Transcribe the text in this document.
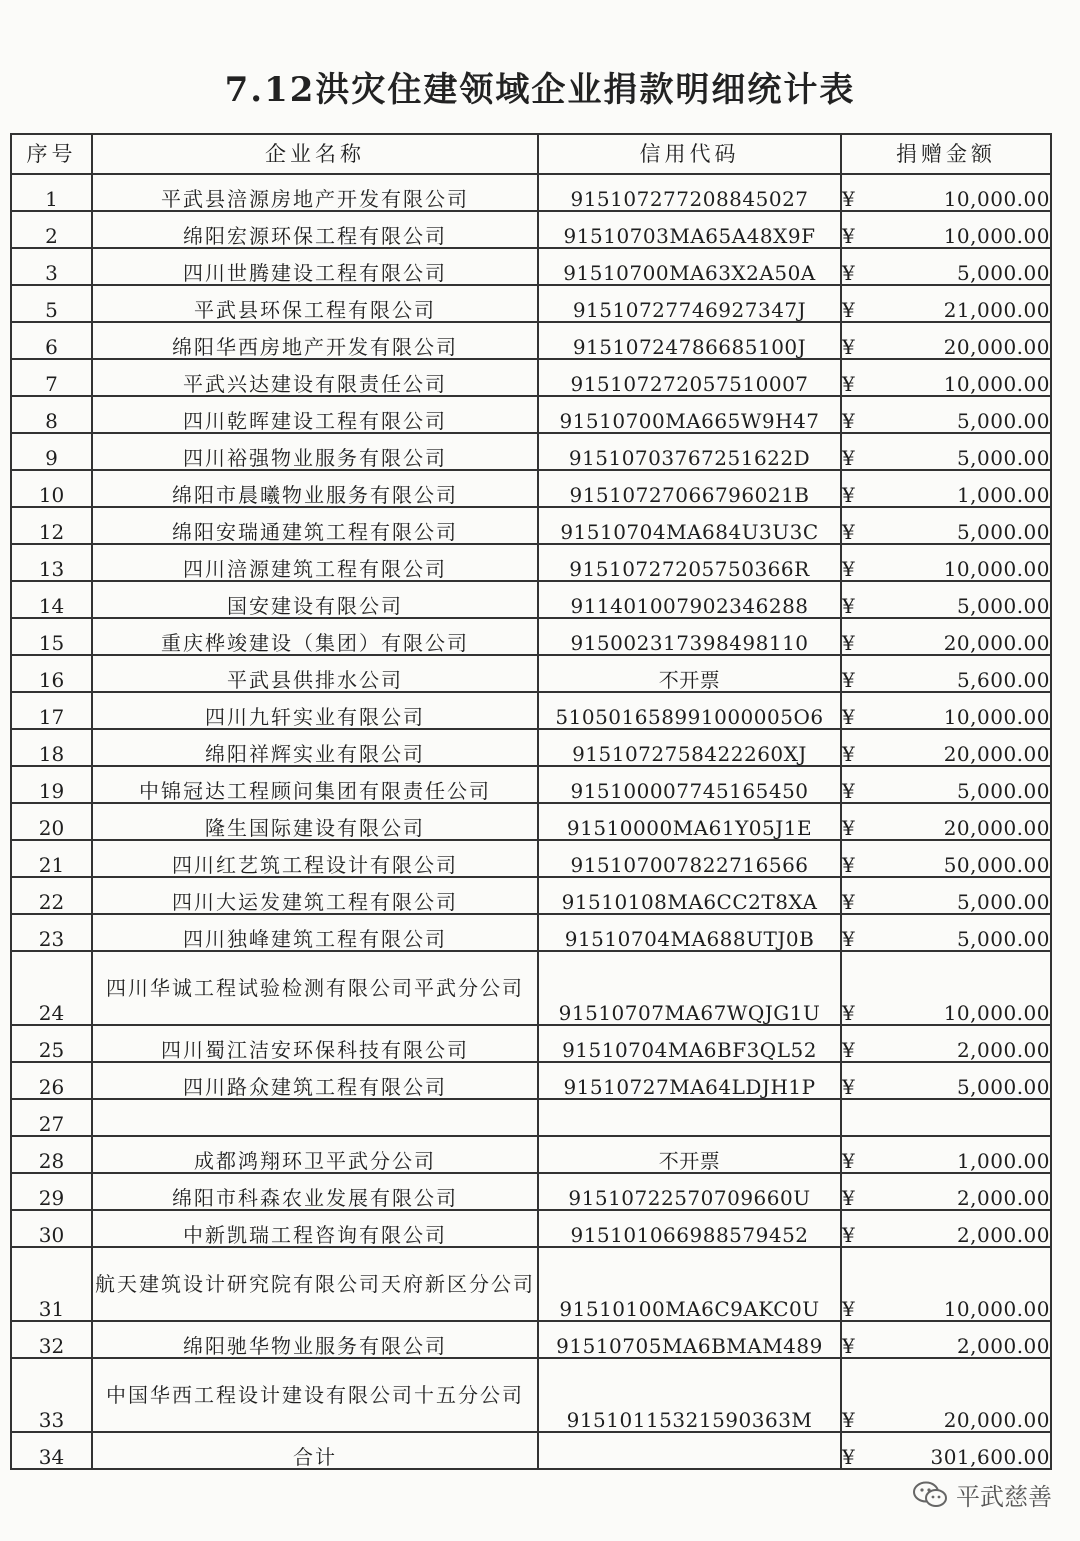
7.12洪灾住建领域企业捐款明细统计表
序号	企业名称	信用代码	捐赠金额
1	平武县涪源房地产开发有限公司	915107277208845027	¥ 10,000.00

2	绵阳宏源环保工程有限公司	91510703MA65A48X9F	¥ 10,000.00

3	四川世腾建设工程有限公司	91510700MA63X2A50A	¥ 5,000.00

5	平武县环保工程有限公司	91510727746927347J	¥ 21,000.00

6	绵阳华西房地产开发有限公司	91510724786685100J	¥ 20,000.00

7	平武兴达建设有限责任公司	915107272057510007	¥ 10,000.00

8	四川乾晖建设工程有限公司	91510700MA665W9H47	¥ 5,000.00

9	四川裕强物业服务有限公司	91510703767251622D	¥ 5,000.00

10	绵阳市晨曦物业服务有限公司	91510727066796021B	¥ 1,000.00

12	绵阳安瑞通建筑工程有限公司	91510704MA684U3U3C	¥ 5,000.00

13	四川涪源建筑工程有限公司	91510727205750366R	¥ 10,000.00

14	国安建设有限公司	911401007902346288	¥ 5,000.00

15	重庆桦竣建设（集团）有限公司	915002317398498110	¥ 20,000.00

16	平武县供排水公司	不开票	¥ 5,600.00

17	四川九轩实业有限公司	510501658991000005O6	¥ 10,000.00

18	绵阳祥辉实业有限公司	9151072758422260XJ	¥ 20,000.00

19	中锦冠达工程顾问集团有限责任公司	915100007745165450	¥ 5,000.00

20	隆生国际建设有限公司	91510000MA61Y05J1E	¥ 20,000.00

21	四川红艺筑工程设计有限公司	915107007822716566	¥ 50,000.00

22	四川大运发建筑工程有限公司	91510108MA6CC2T8XA	¥ 5,000.00

23	四川独峰建筑工程有限公司	91510704MA688UTJ0B	¥ 5,000.00

24	四川华诚工程试验检测有限公司平武分公司	91510707MA67WQJG1U	¥ 10,000.00

25	四川蜀江洁安环保科技有限公司	91510704MA6BF3QL52	¥ 2,000.00

26	四川路众建筑工程有限公司	91510727MA64LDJH1P	¥ 5,000.00

27			
28	成都鸿翔环卫平武分公司	不开票	¥ 1,000.00

29	绵阳市科森农业发展有限公司	91510722570709660U	¥ 2,000.00

30	中新凯瑞工程咨询有限公司	915101066988579452	¥ 2,000.00

31	航天建筑设计研究院有限公司天府新区分公司	91510100MA6C9AKC0U	¥ 10,000.00

32	绵阳驰华物业服务有限公司	91510705MA6BMAM489	¥ 2,000.00

33	中国华西工程设计建设有限公司十五分公司	91510115321590363M	¥ 20,000.00

34	合计		¥ 301,600.00
平武慈善
